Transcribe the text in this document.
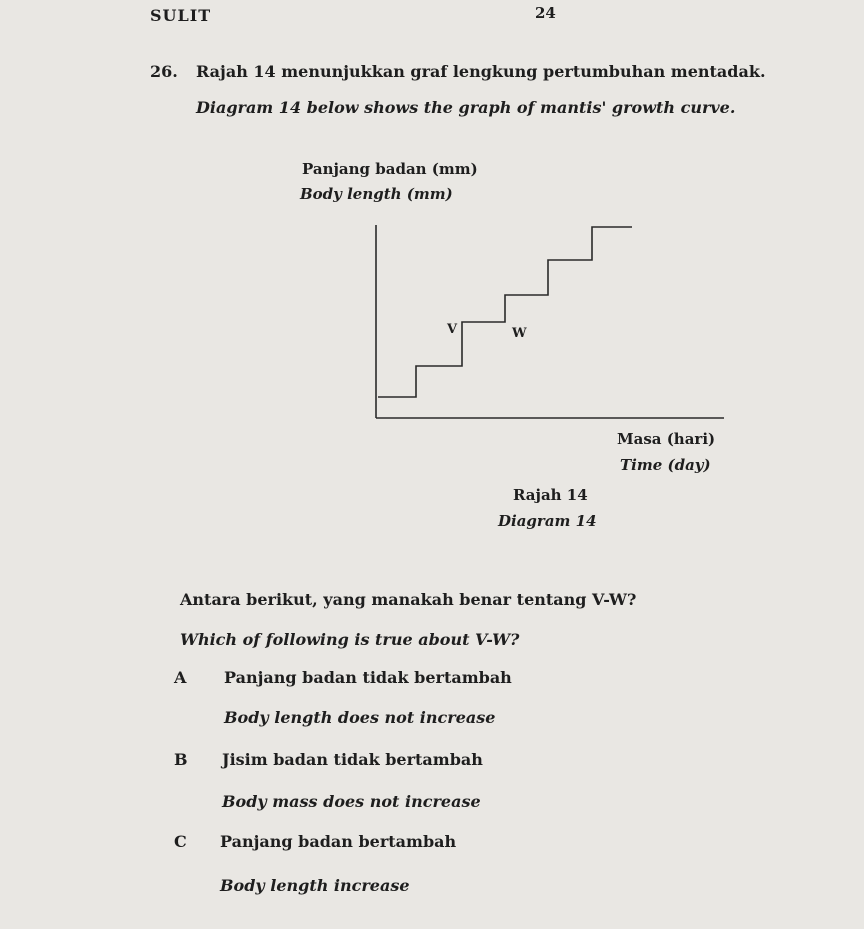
SULIT	24
26. Rajah 14 menunjukkan graf lengkung pertumbuhan mentadak.
Diagram 14 below shows the graph of mantis' growth curve.
Panjang badan (mm)
Body length (mm)
V	W
Masa (hari)
Time (day)
Rajah 14
Diagram 14
Antara berikut, yang manakah benar tentang V-W?
Which of following is true about V-W?
A Panjang badan tidak bertambah
Body length does not increase
B Jisim badan tidak bertambah
Body mass does not increase
C Panjang badan bertambah
Body length increase
